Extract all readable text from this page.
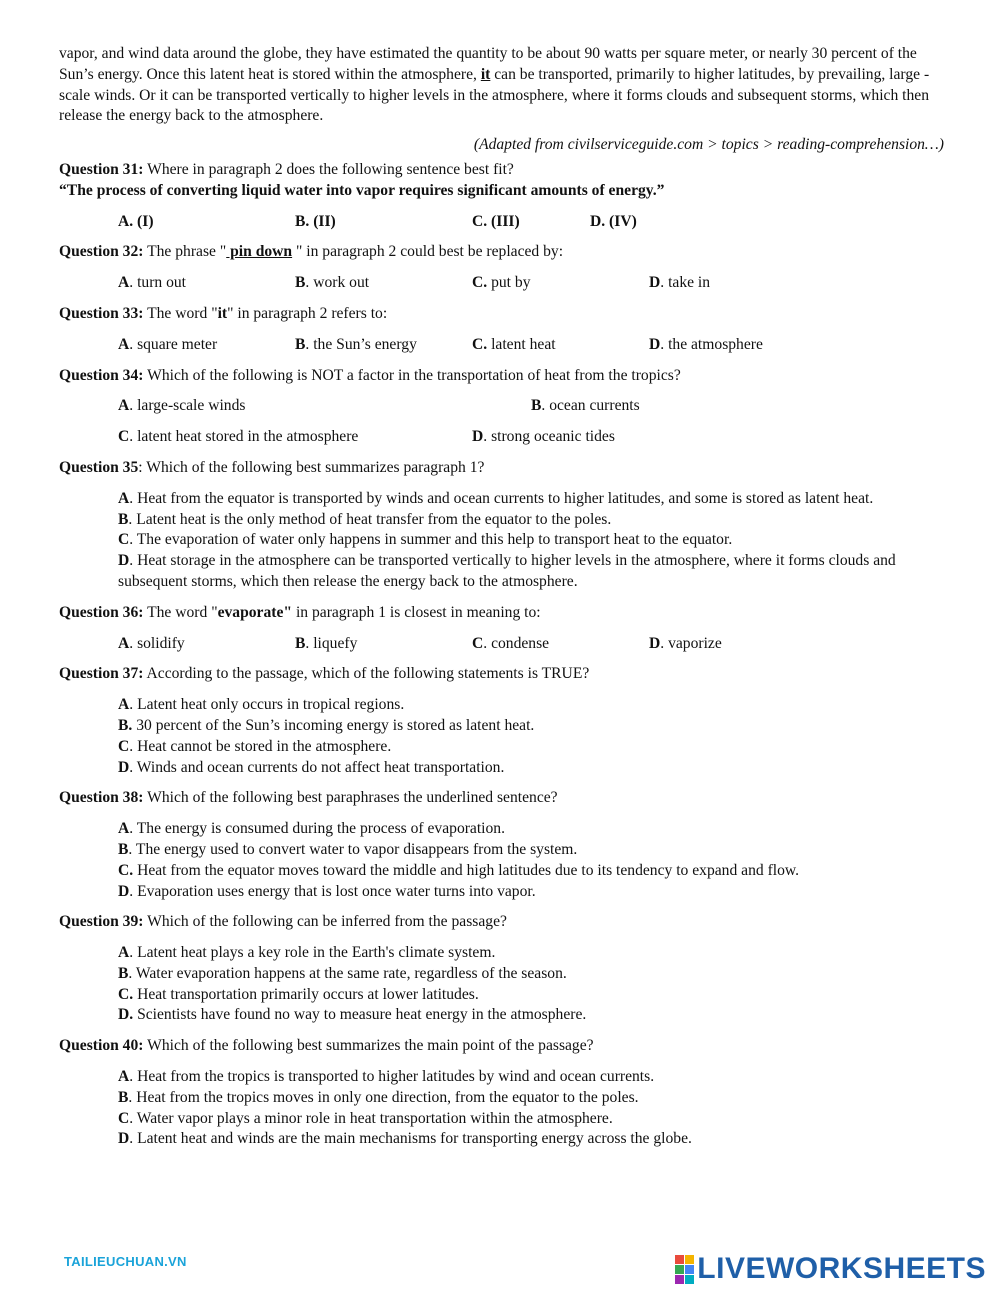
vapor, and wind data around the globe, they have estimated the quantity to be about 90 watts per square meter, or nearly 30 percent of the Sun’s energy. Once this latent heat is stored within the atmosphere, it can be transported, primarily to higher latitudes, by prevailing, large - scale winds. Or it can be transported vertically to higher levels in the atmosphere, where it forms clouds and subsequent storms, which then release the energy back to the atmosphere.

(Adapted from civilserviceguide.com > topics > reading-comprehension…)
Question 31: Where in paragraph 2 does the following sentence best fit?
“The process of converting liquid water into vapor requires significant amounts of energy.”
A. (I)	B. (II)	C. (III)	D. (IV)
Question 32: The phrase " pin down " in paragraph 2 could best be replaced by:
A. turn out	B. work out	C. put by	D. take in
Question 33: The word "it" in paragraph 2 refers to:
A. square meter	B. the Sun’s energy	C. latent heat	D. the atmosphere
Question 34: Which of the following is NOT a factor in the transportation of heat from the tropics?
A. large-scale winds	B. ocean currents
C. latent heat stored in the atmosphere	D. strong oceanic tides
Question 35: Which of the following best summarizes paragraph 1?
A. Heat from the equator is transported by winds and ocean currents to higher latitudes, and some is stored as latent heat.
B. Latent heat is the only method of heat transfer from the equator to the poles.
C. The evaporation of water only happens in summer and this help to transport heat to the equator.
D. Heat storage in the atmosphere can be transported vertically to higher levels in the atmosphere, where it forms clouds and subsequent storms, which then release the energy back to the atmosphere.
Question 36: The word "evaporate" in paragraph 1 is closest in meaning to:
A. solidify	B. liquefy	C. condense	D. vaporize
Question 37: According to the passage, which of the following statements is TRUE?
A. Latent heat only occurs in tropical regions.
B. 30 percent of the Sun’s incoming energy is stored as latent heat.
C. Heat cannot be stored in the atmosphere.
D. Winds and ocean currents do not affect heat transportation.
Question 38: Which of the following best paraphrases the underlined sentence?
A. The energy is consumed during the process of evaporation.
B. The energy used to convert water to vapor disappears from the system.
C. Heat from the equator moves toward the middle and high latitudes due to its tendency to expand and flow.
D. Evaporation uses energy that is lost once water turns into vapor.
Question 39: Which of the following can be inferred from the passage?
A. Latent heat plays a key role in the Earth's climate system.
B. Water evaporation happens at the same rate, regardless of the season.
C. Heat transportation primarily occurs at lower latitudes.
D. Scientists have found no way to measure heat energy in the atmosphere.
Question 40: Which of the following best summarizes the main point of the passage?
A. Heat from the tropics is transported to higher latitudes by wind and ocean currents.
B. Heat from the tropics moves in only one direction, from the equator to the poles.
C. Water vapor plays a minor role in heat transportation within the atmosphere.
D. Latent heat and winds are the main mechanisms for transporting energy across the globe.
TAILIEUCHUAN.VN	LIVEWORKSHEETS
